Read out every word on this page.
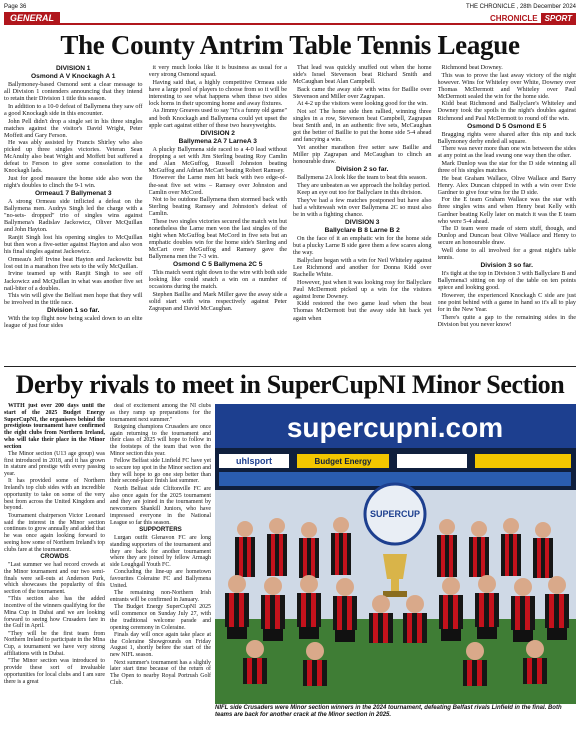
Page 36	THE CHRONICLE , 28th December 2024
GENERAL	CHRONICLE SPORT
The County Antrim Table Tennis League
DIVISION 1
Osmond A V Knockagh A 1

Ballymoney-based Osmond sent a clear message to all Division 1 contenders announcing that they intend to retain their Division 1 title this season.

In addition to a 10-0 defeat of Ballymena they saw off a good Knockagh side in this encounter.

John Pell didn't drop a single set in his three singles matches against the visitor's David Wright, Peter Moffett and Gary Ferson.

He was ably assisted by Francis Shirley who also picked up three singles victories. Veteran Sean McAnulty also beat Wright and Moffett but suffered a defeat to Ferson to give some consolation to the Knockagh lads.

Just for good measure the home side also won the night's doubles to clinch the 9-1 win.

Ormeau1 7 Ballymenat 3

A strong Ormeau side inflicted a defeat on the Ballymena men. Audrys Singh led the charge with a "no-sets- dropped" trio of singles wins against Ballymena's Radislav Jackowicz, Oliver McQuillan and John Hayton.

Ranjit Singh lost his opening singles to McQuillan but then won a five-setter against Hayton and also won his final singles against Jackowicz.

Ormeau's Jeff Irvine beat Hayton and Jackowitz but lost out in a marathon five sets to the wily McQuillan.

Irvine teamed up with Ranjit Singh to see off Jackowicz and McQuillan in what was another five set nail-biter of a doubles.

This win will give the Belfast men hope that they will be involved in the title race.

Division 1 so far.

With the top flight now being scaled down to an elite league of just four sides

it very much looks like it is business as usual for a very strong Osmond squad.

Having said that, a highly competitive Ormeau side have a large pool of players to choose from so it will be interesting to see what happens when these two sides lock horns in their upcoming home and away fixtures.

As Jimmy Greaves used to say "it's a funny old game" and both Knockagh and Ballymena could yet upset the apple cart against either of these two heavyweights.

DIVISION 2
Ballymena 2A 7 LarneA 3

A plucky Ballymena side raced to a 4-0 lead without dropping a set with Jim Sterling beating Roy Camlin and Alan McGuffog, Russell Johnston beating McGuffog and Adrian McCart beating Robert Ramsey.

However the Larne men hit back with two edge-of-the-seat five set wins – Ramsey over Johnston and Camlin over McCord.

Not to be outdone Ballymena then stormed back with Sterling beating Ramsey and Johnston's defeat of Camlin.

These two singles victories secured the match win but nonetheless the Larne men won the last singles of the night when McGuffog beat McCord in five sets but an emphatic doubles win for the home side's Sterling and McCart over McGuffog and Ramsey gave the Ballymena men the 7-3 win.

Osmond C 5 Ballymena 2C 5

This match went right down to the wire with both side looking like could snatch a win on a number of occasions during the match.

Stephen Baillie and Mark Miller gave the away side a solid start with wins respectively against Peter Zagrapan and David McCaughan.

That lead was quickly snuffed out when the home side's Israel Stevenson beat Richard Smith and McCaughan beat Alan Campbell.

Back came the away side with wins for Baillie over Stevenson and Miller over Zagrapan.

At 4-2 up the visitors were looking good for the win.

Not so! The home side then rallied, winning three singles in a row, Stevenson beat Campbell, Zagrapan beat Smith and, in an authentic five sets, McCaughan got the better of Baillie to put the home side 5-4 ahead and fancying a win.

Yet another marathon five setter saw Baillie and Miller pip Zagrapan and McCaughan to clinch an honourable draw.

Division 2 so far.

Ballymena 2A look like the team to beat this season.

They are unbeaten as we approach the holiday period.

Keep an eye out too for Ballyclare in this division.

They've had a few matches postponed but have also had a whitewash win over Ballymena 2C so must also be in with a fighting chance.

DIVISION 3
Ballyclare B 8 Larne B 2

On the face of it an emphatic win for the home side but a plucky Larne B side gave them a few scares along the way.

Ballyclare began with a win for Neil Whiteley against Lee Richmond and another for Donna Kidd over Rachelle White.

However, just when it was looking rosy for Ballyclare Paul McDermott picked up a win for the visitors against Irene Downey.

Kidd restored the two game lead when the beat Thomas McDermott but the away side hit back yet again when

Richmond beat Downey.

This was to prove the last away victory of the night however. Wins for Whiteley over White, Downey over Thomas McDermott and Whiteley over Paul McDermott sealed the win for the home side.

Kidd beat Richmond and Ballyclare's Whiteley and Downey took the spoils in the night's doubles against Richmond and Paul McDermott to round off the win.

Osmond D 5 Osmond E 5

Bragging rights were shared after this nip and tuck Ballymoney derby ended all square.

There was never more than one win between the sides at any point as the lead swung one way then the other.

Mark Dunlop was the star for the D side winning all three of his singles matches.

He beat Graham Wallace, Olive Wallace and Barry Henry. Alex Duncan chipped in with a win over Evie Gardner to give four wins for the D side.

For the E team Graham Wallace was the star with three singles wins and when Henry beat Kelly with Gardner beating Kelly later on match it was the E team who were 5-4 ahead.

The D team were made of stern stuff, though, and Dunlop and Duncan beat Olive Wallace and Henry to secure an honourable draw.

Well done to all involved for a great night's table tennis.

Division 3 so far.

It's tight at the top in Division 3 with Ballyclare B and Ballymena3 sitting on top of the table on ten points apiece and looking good.

However, the experienced Knockagh C side are just one point behind with a game in hand so it's all to play for in the New Year.

There's quite a gap to the remaining sides in the Division but you never know!

Derby rivals to meet in SuperCupNI Minor Section

WITH just over 200 days until the start of the 2025 Budget Energy SuperCupNI, the organisers behind the prestigious tournament have confirmed the eight clubs from Northern Ireland, who will take their place in the Minor section

The Minor section (U13 age group) was first introduced in 2018, and it has grown in stature and prestige with every passing year.

It has provided some of Northern Ireland's top club sides with an incredible opportunity to take on some of the very best from across the United Kingdom and beyond.

Tournament chairperson Victor Leonard said the interest in the Minor section continues to grow annually and added that he was once again looking forward to seeing how some of Northern Ireland's top clubs fare at the tournament.

CROWDS

"Last summer we had record crowds at the Minor tournament and our two semi-finals were sell-outs at Anderson Park, which showcases the popularity of this section of the tournament.

"This section also has the added incentive of the winners qualifying for the Mina Cup in Dubai and we are looking forward to seeing how Crusaders fare in the Gulf in April.

"They will be the first team from Northern Ireland to participate in the Mina Cup, a tournament we have very strong affiliations with in Dubai.

"The Minor section was introduced to provide these sort of invaluable opportunities for local clubs and I am sure there is a great

deal of excitement among the NI clubs as they ramp up preparations for the tournament next summer."

Reigning champions Crusaders are once again returning to the tournament and their class of 2025 will hope to follow in the footsteps of the team that won the Minor section this year.

Fellow Belfast side Linfield FC have yet to secure top spot in the Minor section and they will hope to go one step better than their second-place finish last summer.

North Belfast side Cliftonville FC are also once again for the 2025 tournament and they are joined in the tournament by newcomers Shankill Juniors, who have impressed everyone in the National League so far this season.

SUPPORTERS

Lurgan outfit Glenavon FC are long standing supporters of the tournament and they are back for another tournament where they are joined by fellow Armagh side Loughgall Youth FC.

Concluding the line-up are hometown favourites Coleraine FC and Ballymena United.

The remaining non-Northern Irish entrants will be confirmed in January.

The Budget Energy SuperCupNI 2025 will commence on Sunday July 27, with the traditional welcome parade and opening ceremony in Coleraine.

Finals day will once again take place at the Coleraine Showgrounds on Friday August 1, shortly before the start of the new NIFL season.

Next summer's tournament has a slightly later start time because of the return of The Open to nearby Royal Portrush Golf Club.

supercupni.com
uhlsport	Budget Energy
SUPERCUP
NIFL side Crusaders were Minor section winners in the 2024 tournament, defeating Belfast rivals Linfield in the final. Both teams are back for another crack at the Minor section in 2025.
